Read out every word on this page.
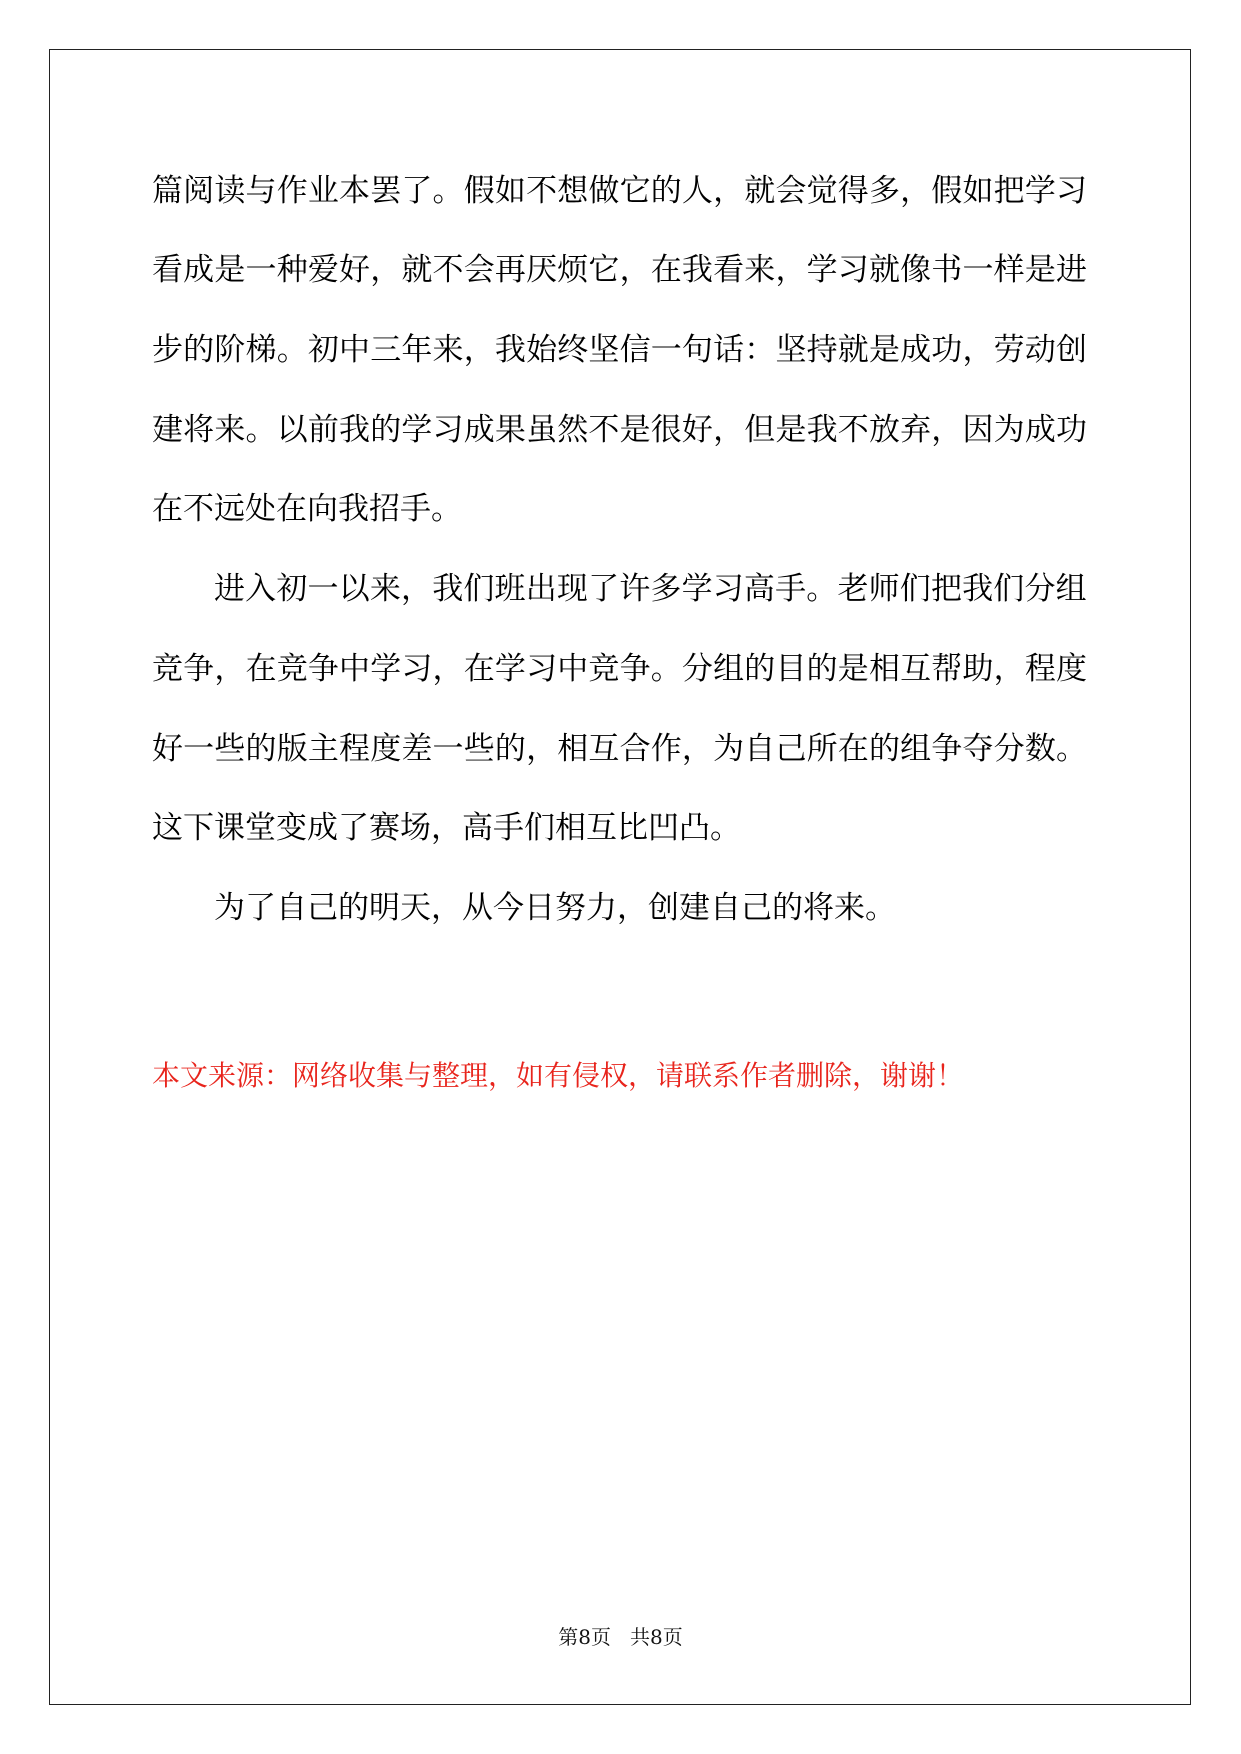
篇 阅 读 与 作 业 本 罢 了 。 假 如 不 想 做 它 的 人 ， 就 会 觉 得 多 ， 假 如 把 学 习
看 成 是 一 种 爱 好 ， 就 不 会 再 厌 烦 它 ， 在 我 看 来 ， 学 习 就 像 书 一 样 是 进
步 的 阶 梯 。 初 中 三 年 来 ， 我 始 终 坚 信 一 句 话 ： 坚 持 就 是 成 功 ， 劳 动 创
建 将 来 。 以 前 我 的 学 习 成 果 虽 然 不 是 很 好 ， 但 是 我 不 放 弃 ， 因 为 成 功
在不远处在向我招手。
进 入 初 一 以 来 ， 我 们 班 出 现 了 许 多 学 习 高 手 。 老 师 们 把 我 们 分 组
竞 争 ， 在 竞 争 中 学 习 ， 在 学 习 中 竞 争 。 分 组 的 目 的 是 相 互 帮 助 ， 程 度
好 一 些 的 版 主 程 度 差 一 些 的 ， 相 互 合 作 ， 为 自 己 所 在 的 组 争 夺 分 数 。
这下课堂变成了赛场，高手们相互比凹凸。
为了自己的明天，从今日努力，创建自己的将来。
本文来源：网络收集与整理，如有侵权，请联系作者删除，谢谢！
第8页   共8页
